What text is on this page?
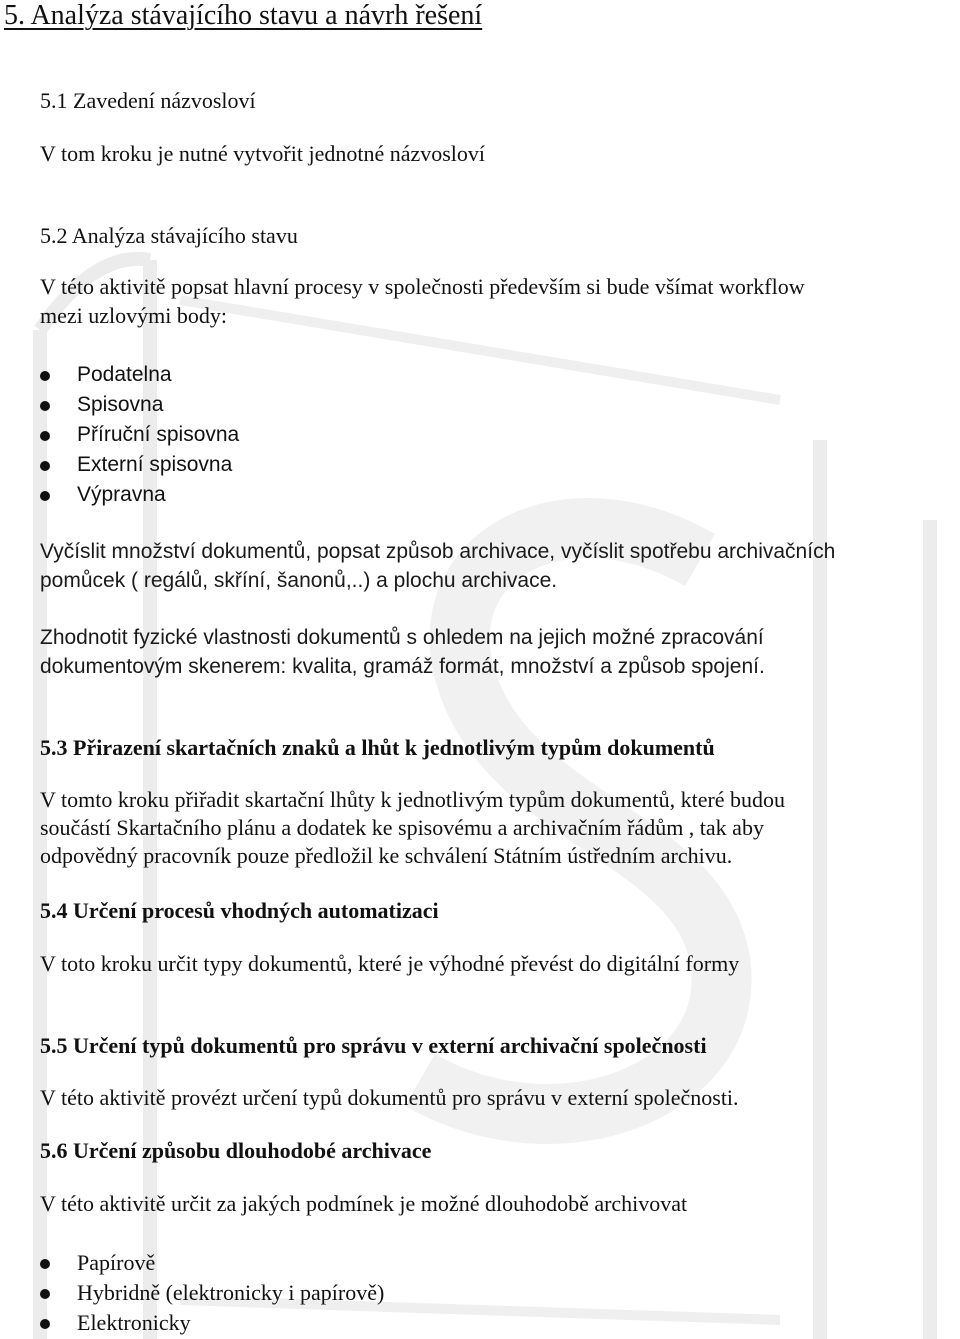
5. Analýza stávajícího stavu a návrh řešení
5.1 Zavedení názvosloví
V tom kroku je nutné vytvořit jednotné názvosloví
5.2 Analýza stávajícího stavu
V této aktivitě popsat hlavní procesy v společnosti především si bude všímat workflow
mezi uzlovými body:
Podatelna
Spisovna
Příruční spisovna
Externí spisovna
Výpravna
Vyčíslit množství dokumentů, popsat způsob archivace, vyčíslit spotřebu archivačních
pomůcek ( regálů, skříní, šanonů,..) a plochu archivace.
Zhodnotit fyzické vlastnosti dokumentů s ohledem na jejich možné zpracování
dokumentovým skenerem: kvalita, gramáž formát, množství a způsob spojení.
5.3 Přirazení skartačních znaků a lhůt k jednotlivým typům dokumentů
V tomto kroku přiřadit skartační lhůty k jednotlivým typům dokumentů, které budou
součástí Skartačního plánu a dodatek ke spisovému a archivačním řádům , tak aby
odpovědný pracovník pouze předložil ke schválení Státním ústředním archivu.
5.4 Určení procesů vhodných automatizaci
V toto kroku určit typy dokumentů, které je výhodné převést do digitální formy
5.5 Určení typů dokumentů pro správu v externí archivační společnosti
V této aktivitě provézt určení typů dokumentů pro správu v externí společnosti.
5.6 Určení způsobu dlouhodobé archivace
V této aktivitě určit za jakých podmínek je možné dlouhodobě archivovat
Papírově
Hybridně (elektronicky i papírově)
Elektronicky
